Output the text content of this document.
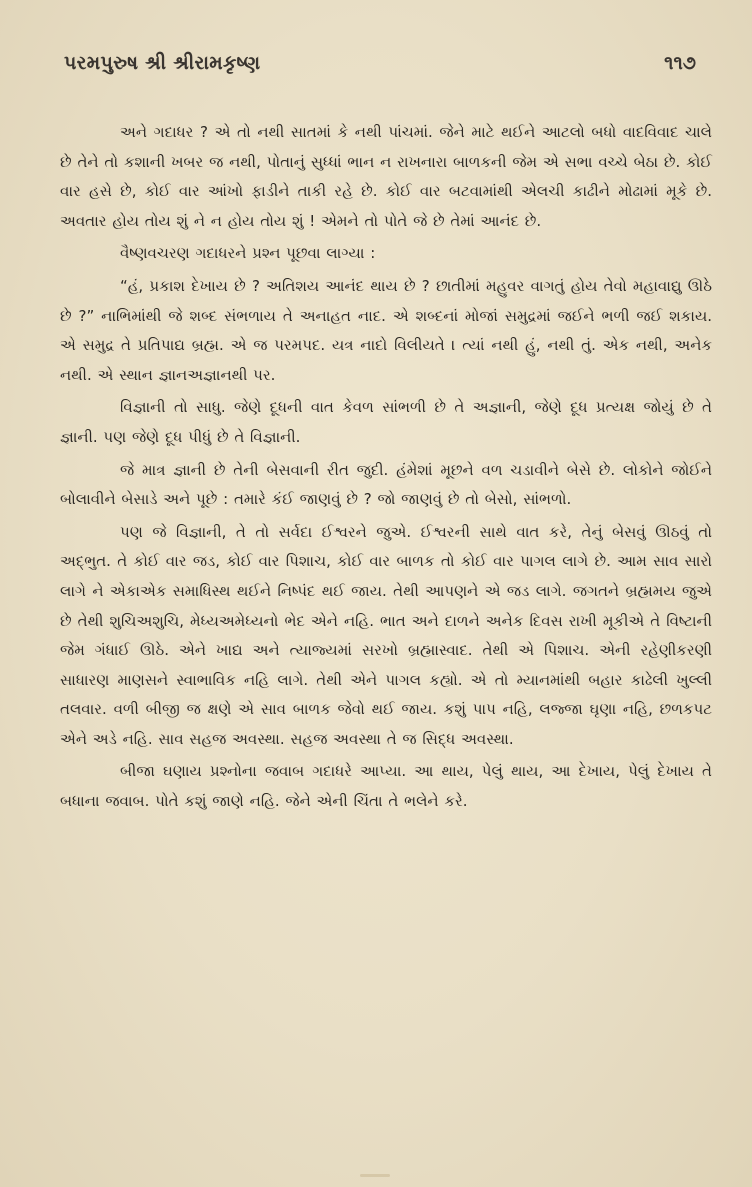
પરમપુરુષ શ્રી શ્રીરામકૃષ્ણ	૧૧૭

અને ગદાધર ? એ તો નથી સાતમાં કે નથી પાંચમાં. જેને માટે થઈને આટલો બધો વાદવિવાદ ચાલે છે તેને તો કશાની ખબર જ નથી, પોતાનું સુધ્ધાં ભાન ન રાખનારા બાળકની જેમ એ સભા વચ્ચે બેઠા છે. કોઈ વાર હસે છે, કોઈ વાર આંખો ફાડીને તાકી રહે છે. કોઈ વાર બટવામાંથી એલચી કાઢીને મોઢામાં મૂકે છે. અવતાર હોય તોય શું ને ન હોય તોય શું ! એમને તો પોતે જે છે તેમાં આનંદ છે.

વૈષ્ણવચરણ ગદાધરને પ્રશ્ન પૂછવા લાગ્યા :

“હં, પ્રકાશ દેખાય છે ? અતિશય આનંદ થાય છે ? છાતીમાં મહુવર વાગતું હોય તેવો મહાવાદ્યુ ઊઠે છે ?” નાભિમાંથી જે શબ્દ સંભળાય તે અનાહત નાદ. એ શબ્દનાં મોજાં સમુદ્રમાં જઈને ભળી જઈ શકાય. એ સમુદ્ર તે પ્રતિપાદ્ય બ્રહ્મ. એ જ પરમપદ. યત્ર નાદો વિલીયતે । ત્યાં નથી હું, નથી તું. એક નથી, અનેક નથી. એ સ્થાન જ્ઞાનઅજ્ઞાનથી પર.

વિજ્ઞાની તો સાધુ. જેણે દૂધની વાત કેવળ સાંભળી છે તે અજ્ઞાની, જેણે દૂધ પ્રત્યક્ષ જોયું છે તે જ્ઞાની. પણ જેણે દૂધ પીધું છે તે વિજ્ઞાની.

જે માત્ર જ્ઞાની છે તેની બેસવાની રીત જુદી. હંમેશાં મૂછને વળ ચડાવીને બેસે છે. લોકોને જોઈને બોલાવીને બેસાડે અને પૂછે : તમારે કંઈ જાણવું છે ? જો જાણવું છે તો બેસો, સાંભળો.

પણ જે વિજ્ઞાની, તે તો સર્વદા ઈશ્વરને જુએ. ઈશ્વરની સાથે વાત કરે, તેનું બેસવું ઊઠવું તો અદ્ભુત. તે કોઈ વાર જડ, કોઈ વાર પિશાચ, કોઈ વાર બાળક તો કોઈ વાર પાગલ લાગે છે. આમ સાવ સારો લાગે ને એકાએક સમાધિસ્થ થઈને નિષ્પંદ થઈ જાય. તેથી આપણને એ જડ લાગે. જગતને બ્રહ્મમય જુએ છે તેથી શુચિઅશુચિ, મેધ્યઅમેધ્યનો ભેદ એને નહિ. ભાત અને દાળને અનેક દિવસ રાખી મૂકીએ તે વિષ્ટાની જેમ ગંધાઈ ઊઠે. એને ખાદ્ય અને ત્યાજ્યમાં સરખો બ્રહ્માસ્વાદ. તેથી એ પિશાચ. એની રહેણીકરણી સાધારણ માણસને સ્વાભાવિક નહિ લાગે. તેથી એને પાગલ કહ્યો. એ તો મ્યાનમાંથી બહાર કાઢેલી ખુલ્લી તલવાર. વળી બીજી જ ક્ષણે એ સાવ બાળક જેવો થઈ જાય. કશું પાપ નહિ, લજ્જા ઘૃણા નહિ, છળકપટ એને અડે નહિ. સાવ સહજ અવસ્થા. સહજ અવસ્થા તે જ સિદ્ધ અવસ્થા.

બીજા ઘણાય પ્રશ્નોના જવાબ ગદાધરે આપ્યા. આ થાય, પેલું થાય, આ દેખાય, પેલું દેખાય તે બધાના જવાબ. પોતે કશું જાણે નહિ. જેને એની ચિંતા તે ભલેને કરે.
